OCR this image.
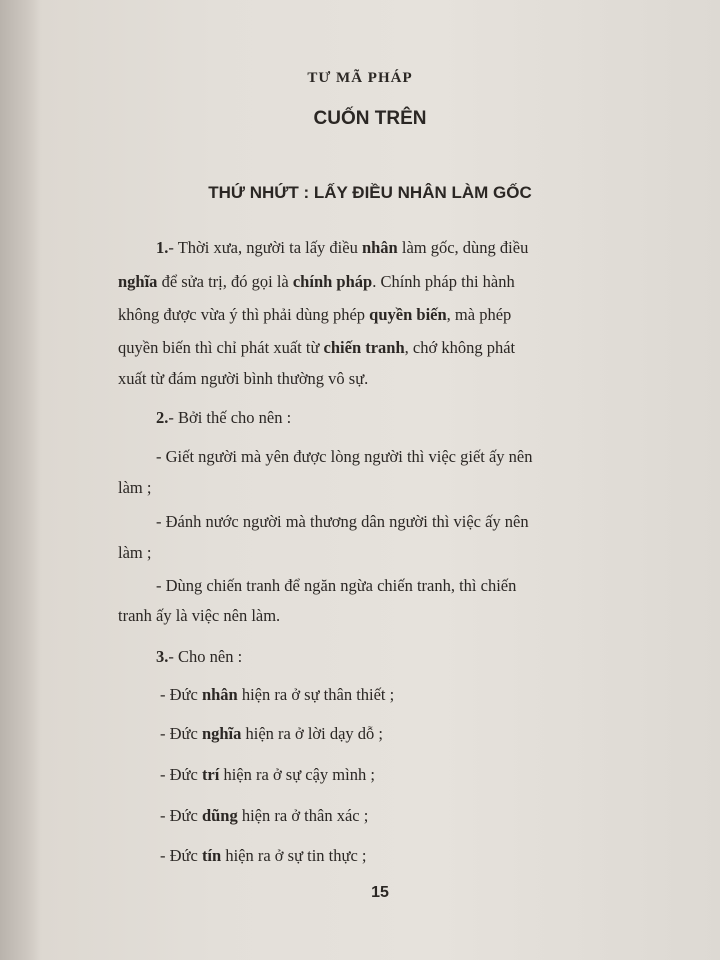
TƯ MÃ PHÁP
CUỐN TRÊN
THỨ NHỨT : LẤY ĐIỀU NHÂN LÀM GỐC
1.- Thời xưa, người ta lấy điều nhân làm gốc, dùng điều
nghĩa để sửa trị, đó gọi là chính pháp. Chính pháp thi hành
không được vừa ý thì phải dùng phép quyền biến, mà phép
quyền biến thì chỉ phát xuất từ chiến tranh, chớ không phát
xuất từ đám người bình thường vô sự.
2.- Bởi thế cho nên :
- Giết người mà yên được lòng người thì việc giết ấy nên
làm ;
- Đánh nước người mà thương dân người thì việc ấy nên
làm ;
- Dùng chiến tranh để ngăn ngừa chiến tranh, thì chiến
tranh ấy là việc nên làm.
3.- Cho nên :
- Đức nhân hiện ra ở sự thân thiết ;
- Đức nghĩa hiện ra ở lời dạy dỗ ;
- Đức trí hiện ra ở sự cậy mình ;
- Đức dũng hiện ra ở thân xác ;
- Đức tín hiện ra ở sự tin thực ;
15
